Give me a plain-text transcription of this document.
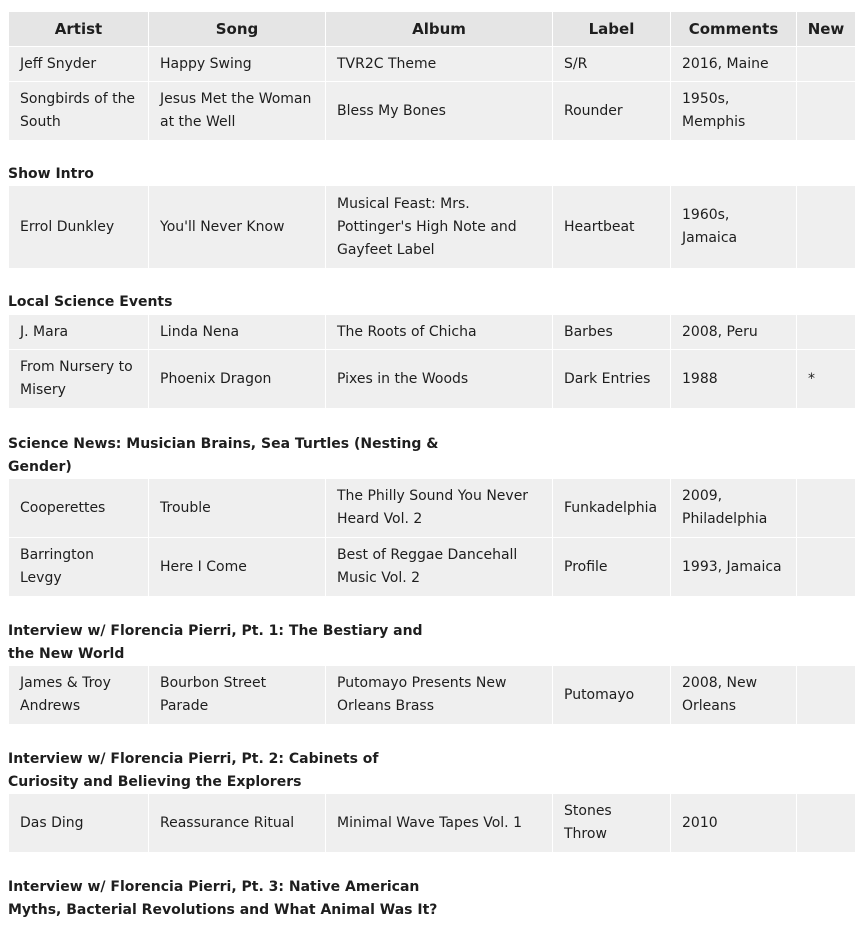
Artist	Song	Album	Label	Comments	New
Jeff Snyder	Happy Swing	TVR2C Theme	S/R	2016, Maine	
Songbirds of the South	Jesus Met the Woman at the Well	Bless My Bones	Rounder	1950s, Memphis	

Show Intro

Errol Dunkley	You'll Never Know	Musical Feast: Mrs. Pottinger's High Note and Gayfeet Label	Heartbeat	1960s, Jamaica	

Local Science Events

J. Mara	Linda Nena	The Roots of Chicha	Barbes	2008, Peru	
From Nursery to Misery	Phoenix Dragon	Pixes in the Woods	Dark Entries	1988	*

Science News: Musician Brains, Sea Turtles (Nesting & Gender)

Cooperettes	Trouble	The Philly Sound You Never Heard Vol. 2	Funkadelphia	2009, Philadelphia	
Barrington Levgy	Here I Come	Best of Reggae Dancehall Music Vol. 2	Profile	1993, Jamaica	

Interview w/ Florencia Pierri, Pt. 1: The Bestiary and the New World

James & Troy Andrews	Bourbon Street Parade	Putomayo Presents New Orleans Brass	Putomayo	2008, New Orleans	

Interview w/ Florencia Pierri, Pt. 2: Cabinets of Curiosity and Believing the Explorers

Das Ding	Reassurance Ritual	Minimal Wave Tapes Vol. 1	Stones Throw	2010	

Interview w/ Florencia Pierri, Pt. 3: Native American Myths, Bacterial Revolutions and What Animal Was It?
